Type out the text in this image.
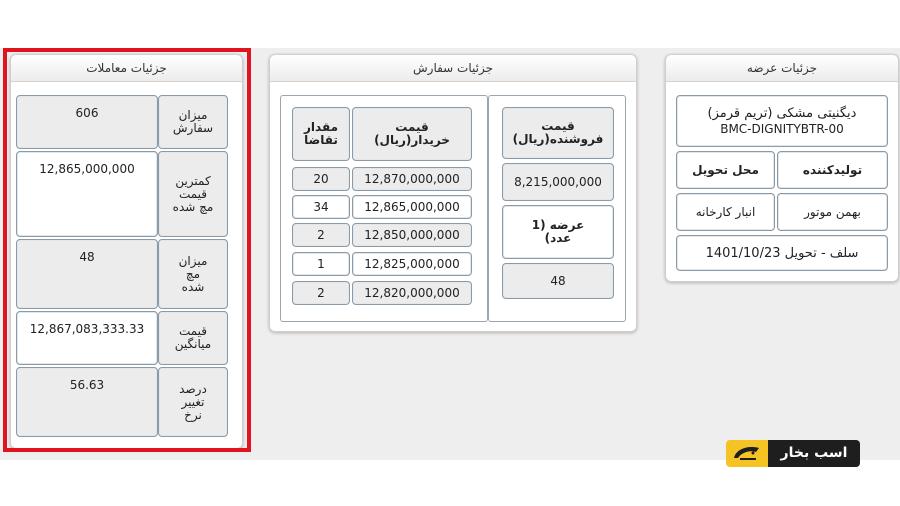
جزئیات معاملات
میزان سفارش
606
کمترین قیمت مچ شده
12,865,000,000
میزان مچ شده
48
قیمت میانگین
12,867,083,333.33
درصد تغییر نرخ
56.63
جزئیات سفارش
قیمت خریدار(ریال)
مقدار تقاضا
12,870,000,000
20
12,865,000,000
34
12,850,000,000
2
12,825,000,000
1
12,820,000,000
2
قیمت فروشنده(ریال)
8,215,000,000
عرضه (1 عدد)
48
جزئیات عرضه
دیگنیتی مشکی (تریم قرمز)
BMC-DIGNITYBTR-00
تولیدکننده
محل تحویل
بهمن موتور
انبار کارخانه
سلف - تحویل 1401/10/23
اسب بخار
